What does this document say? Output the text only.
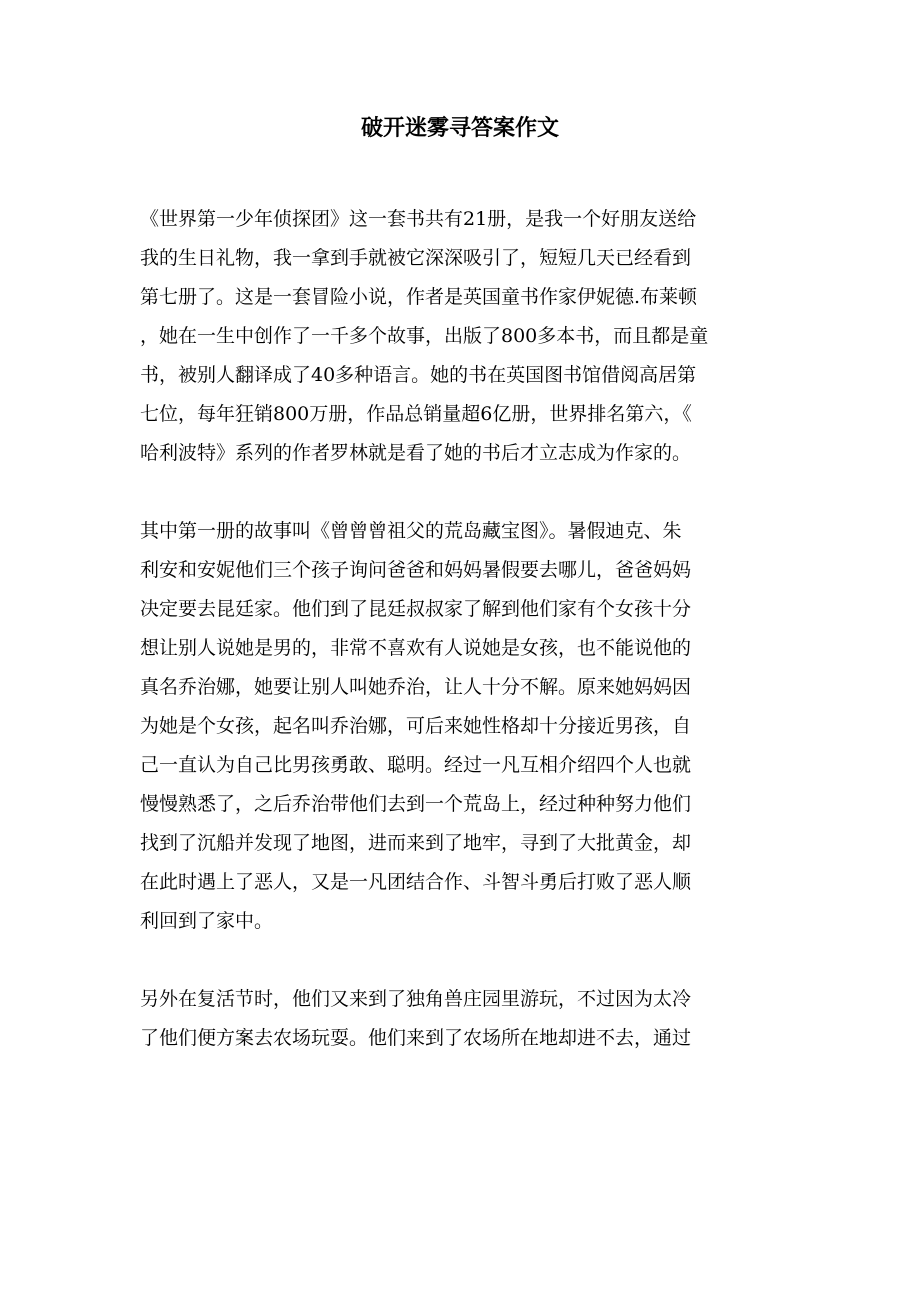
破开迷雾寻答案作文

《世界第一少年侦探团》这一套书共有21册，是我一个好朋友送给
我的生日礼物，我一拿到手就被它深深吸引了，短短几天已经看到
第七册了。这是一套冒险小说，作者是英国童书作家伊妮德.布莱顿
，她在一生中创作了一千多个故事，出版了800多本书，而且都是童
书，被别人翻译成了40多种语言。她的书在英国图书馆借阅高居第
七位，每年狂销800万册，作品总销量超6亿册，世界排名第六，《
哈利波特》系列的作者罗林就是看了她的书后才立志成为作家的。

其中第一册的故事叫《曾曾曾祖父的荒岛藏宝图》。暑假迪克、朱
利安和安妮他们三个孩子询问爸爸和妈妈暑假要去哪儿，爸爸妈妈
决定要去昆廷家。他们到了昆廷叔叔家了解到他们家有个女孩十分
想让别人说她是男的，非常不喜欢有人说她是女孩，也不能说他的
真名乔治娜，她要让别人叫她乔治，让人十分不解。原来她妈妈因
为她是个女孩，起名叫乔治娜，可后来她性格却十分接近男孩，自
己一直认为自己比男孩勇敢、聪明。经过一凡互相介绍四个人也就
慢慢熟悉了，之后乔治带他们去到一个荒岛上，经过种种努力他们
找到了沉船并发现了地图，进而来到了地牢，寻到了大批黄金，却
在此时遇上了恶人，又是一凡团结合作、斗智斗勇后打败了恶人顺
利回到了家中。

另外在复活节时，他们又来到了独角兽庄园里游玩，不过因为太冷
了他们便方案去农场玩耍。他们来到了农场所在地却进不去，通过
